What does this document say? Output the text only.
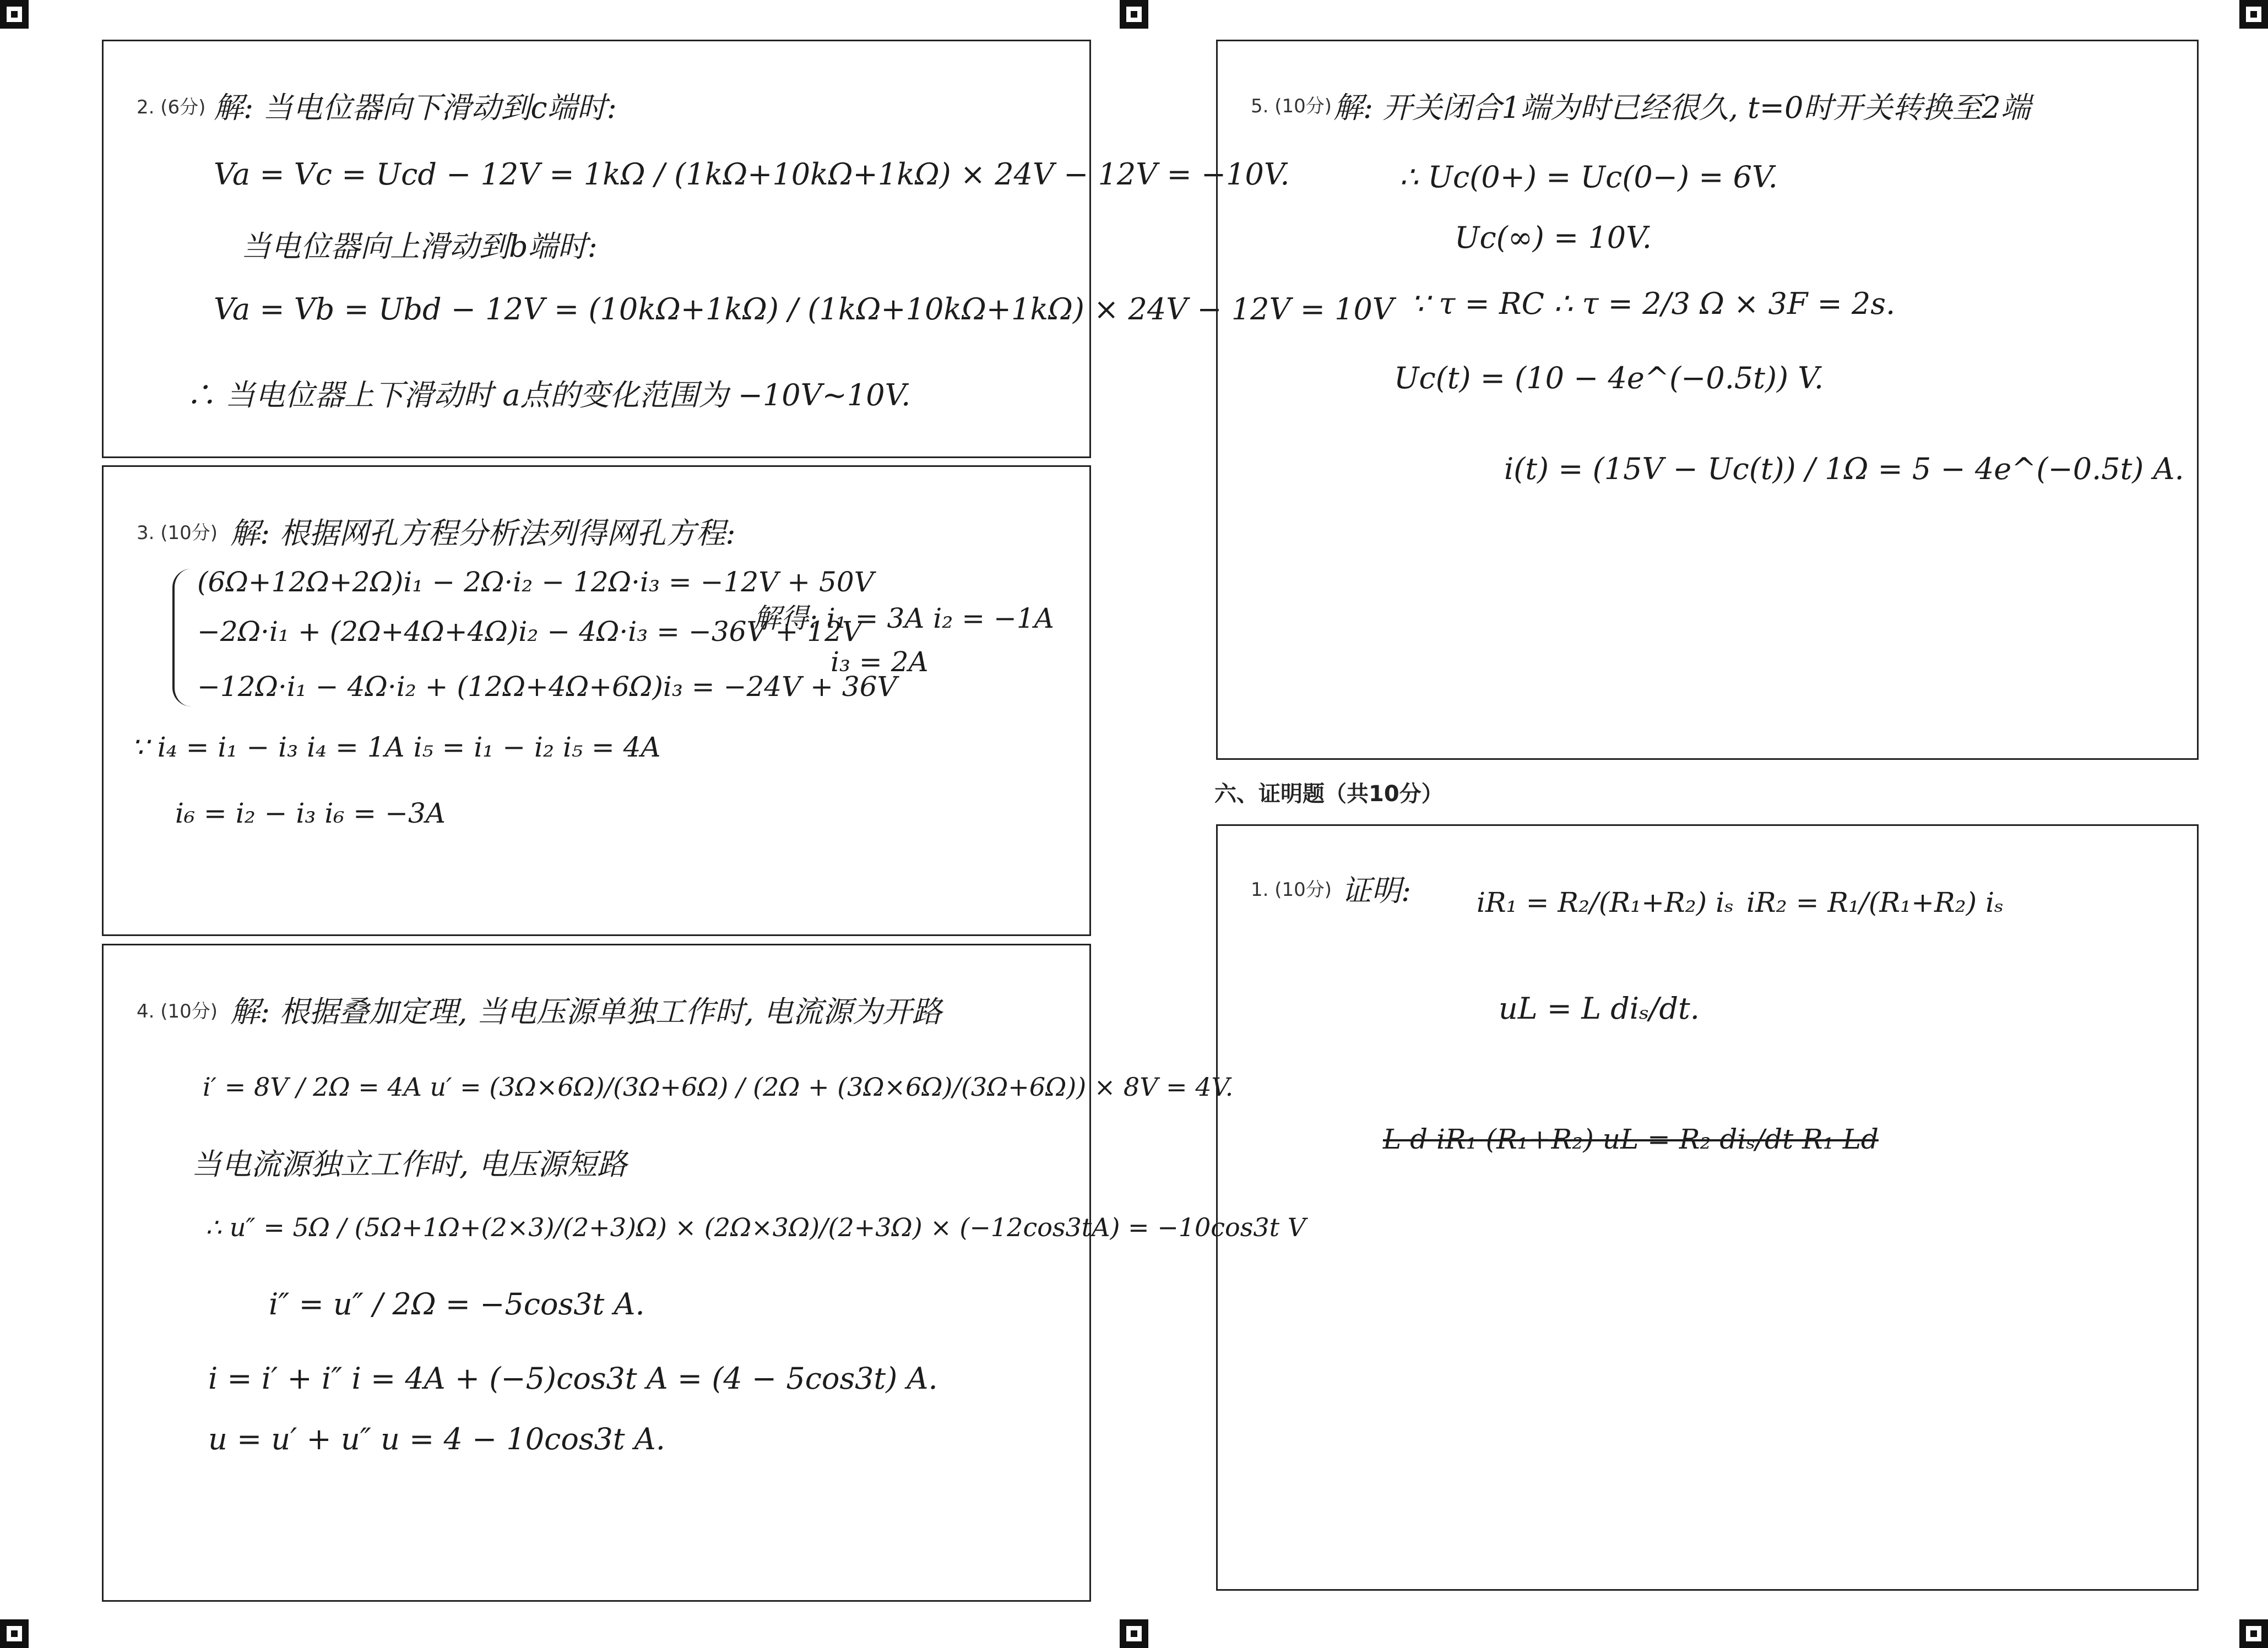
2. (6分) 解: 当电位器向下滑动到c端时:
Va = Vc = Ucd − 12V = 1kΩ / (1kΩ+10kΩ+1kΩ) × 24V − 12V = −10V.
当电位器向上滑动到b端时:
Va = Vb = Ubd − 12V = (10kΩ+1kΩ) / (1kΩ+10kΩ+1kΩ) × 24V − 12V = 10V
∴ 当电位器上下滑动时 a点的变化范围为 −10V~10V.
3. (10分) 解: 根据网孔方程分析法列得网孔方程:
(6Ω+12Ω+2Ω)i₁ − 2Ω·i₂ − 12Ω·i₃ = −12V + 50V
−2Ω·i₁ + (2Ω+4Ω+4Ω)i₂ − 4Ω·i₃ = −36V + 12V
−12Ω·i₁ − 4Ω·i₂ + (12Ω+4Ω+6Ω)i₃ = −24V + 36V
解得: i₁ = 3A i₂ = −1A
i₃ = 2A
∵ i₄ = i₁ − i₃ i₄ = 1A i₅ = i₁ − i₂ i₅ = 4A
i₆ = i₂ − i₃ i₆ = −3A
4. (10分) 解: 根据叠加定理, 当电压源单独工作时, 电流源为开路
i′ = 8V / 2Ω = 4A u′ = (3Ω×6Ω)/(3Ω+6Ω) / (2Ω + (3Ω×6Ω)/(3Ω+6Ω)) × 8V = 4V.
当电流源独立工作时, 电压源短路
∴ u″ = 5Ω / (5Ω+1Ω+(2×3)/(2+3)Ω) × (2Ω×3Ω)/(2+3Ω) × (−12cos3tA) = −10cos3t V
i″ = u″ / 2Ω = −5cos3t A.
i = i′ + i″ i = 4A + (−5)cos3t A = (4 − 5cos3t) A.
u = u′ + u″ u = 4 − 10cos3t A.
5. (10分) 解: 开关闭合1端为时已经很久, t=0时开关转换至2端
∴ Uc(0+) = Uc(0−) = 6V.
Uc(∞) = 10V.
∵ τ = RC ∴ τ = 2/3 Ω × 3F = 2s.
Uc(t) = (10 − 4e^(−0.5t)) V.
i(t) = (15V − Uc(t)) / 1Ω = 5 − 4e^(−0.5t) A.
六、证明题（共10分）
1. (10分) 证明: iR₁ = R₂/(R₁+R₂) iₛ iR₂ = R₁/(R₁+R₂) iₛ
uL = L diₛ/dt.
L d iR₁ (R₁+R₂) uL = R₂ diₛ/dt R₁ Ld
